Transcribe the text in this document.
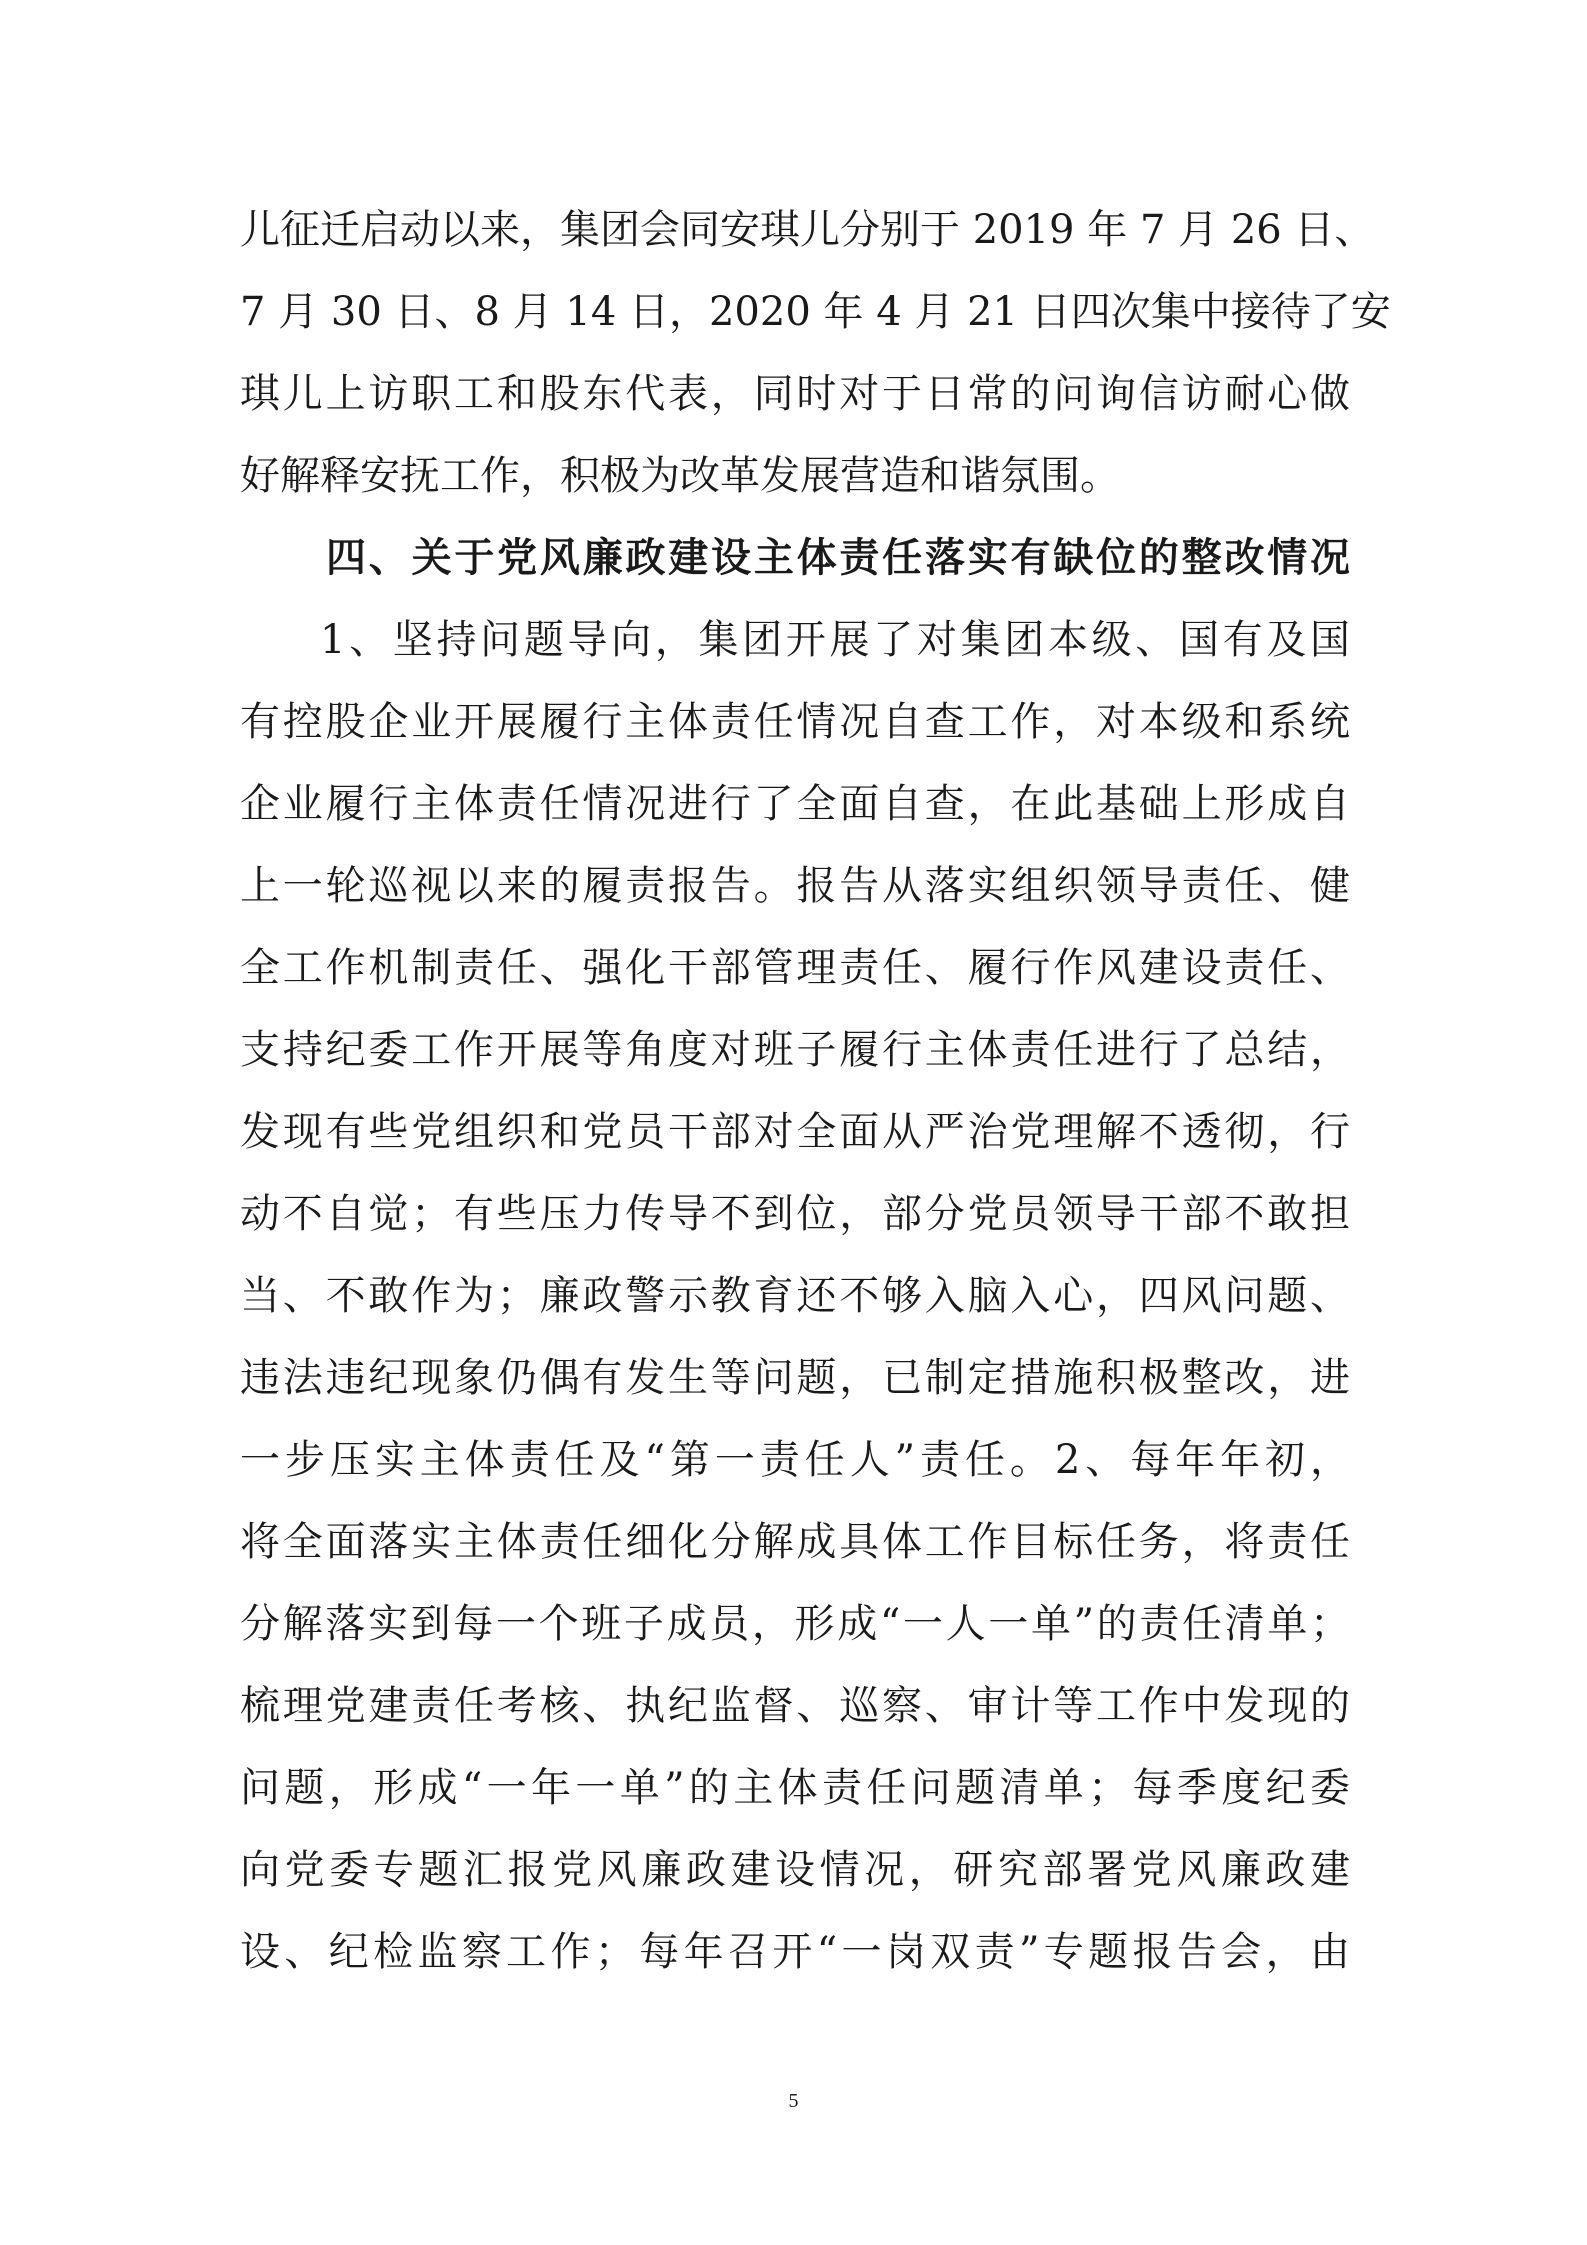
儿征迁启动以来，集团会同安琪儿分别于 2019 年 7 月 26 日、
7 月 30 日、8 月 14 日，2020 年 4 月 21 日四次集中接待了安
琪儿上访职工和股东代表，同时对于日常的问询信访耐心做
好解释安抚工作，积极为改革发展营造和谐氛围。
四、关于党风廉政建设主体责任落实有缺位的整改情况
1、坚持问题导向，集团开展了对集团本级、国有及国
有控股企业开展履行主体责任情况自查工作，对本级和系统
企业履行主体责任情况进行了全面自查，在此基础上形成自
上一轮巡视以来的履责报告。报告从落实组织领导责任、健
全工作机制责任、强化干部管理责任、履行作风建设责任、
支持纪委工作开展等角度对班子履行主体责任进行了总结，
发现有些党组织和党员干部对全面从严治党理解不透彻，行
动不自觉；有些压力传导不到位，部分党员领导干部不敢担
当、不敢作为；廉政警示教育还不够入脑入心，四风问题、
违法违纪现象仍偶有发生等问题，已制定措施积极整改，进
一步压实主体责任及“第一责任人”责任。2、每年年初，
将全面落实主体责任细化分解成具体工作目标任务，将责任
分解落实到每一个班子成员，形成“一人一单”的责任清单；
梳理党建责任考核、执纪监督、巡察、审计等工作中发现的
问题，形成“一年一单”的主体责任问题清单；每季度纪委
向党委专题汇报党风廉政建设情况，研究部署党风廉政建
设、纪检监察工作；每年召开“一岗双责”专题报告会，由
5
